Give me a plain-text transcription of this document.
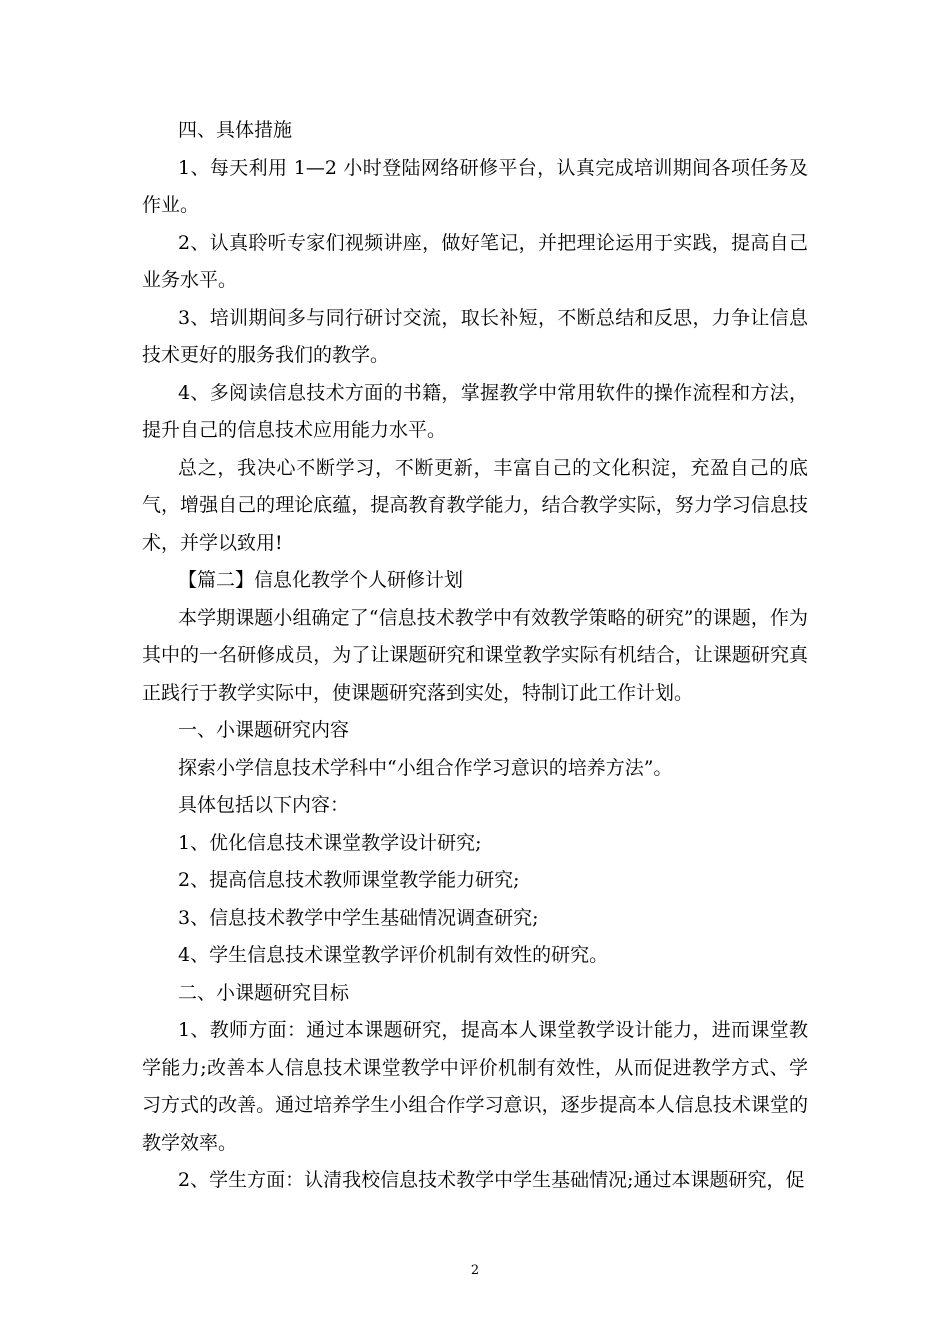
四、具体措施

1、每天利用 1—2 小时登陆网络研修平台，认真完成培训期间各项任务及作业。

2、认真聆听专家们视频讲座，做好笔记，并把理论运用于实践，提高自己业务水平。

3、培训期间多与同行研讨交流，取长补短，不断总结和反思，力争让信息技术更好的服务我们的教学。

4、多阅读信息技术方面的书籍，掌握教学中常用软件的操作流程和方法，提升自己的信息技术应用能力水平。

总之，我决心不断学习，不断更新，丰富自己的文化积淀，充盈自己的底气，增强自己的理论底蕴，提高教育教学能力，结合教学实际，努力学习信息技术，并学以致用!

【篇二】信息化教学个人研修计划

本学期课题小组确定了“信息技术教学中有效教学策略的研究”的课题，作为其中的一名研修成员，为了让课题研究和课堂教学实际有机结合，让课题研究真正践行于教学实际中，使课题研究落到实处，特制订此工作计划。

一、小课题研究内容

探索小学信息技术学科中“小组合作学习意识的培养方法”。

具体包括以下内容：

1、优化信息技术课堂教学设计研究;

2、提高信息技术教师课堂教学能力研究;

3、信息技术教学中学生基础情况调查研究;

4、学生信息技术课堂教学评价机制有效性的研究。

二、小课题研究目标

1、教师方面：通过本课题研究，提高本人课堂教学设计能力，进而课堂教学能力;改善本人信息技术课堂教学中评价机制有效性，从而促进教学方式、学习方式的改善。通过培养学生小组合作学习意识，逐步提高本人信息技术课堂的教学效率。

2、学生方面：认清我校信息技术教学中学生基础情况;通过本课题研究，促

2
